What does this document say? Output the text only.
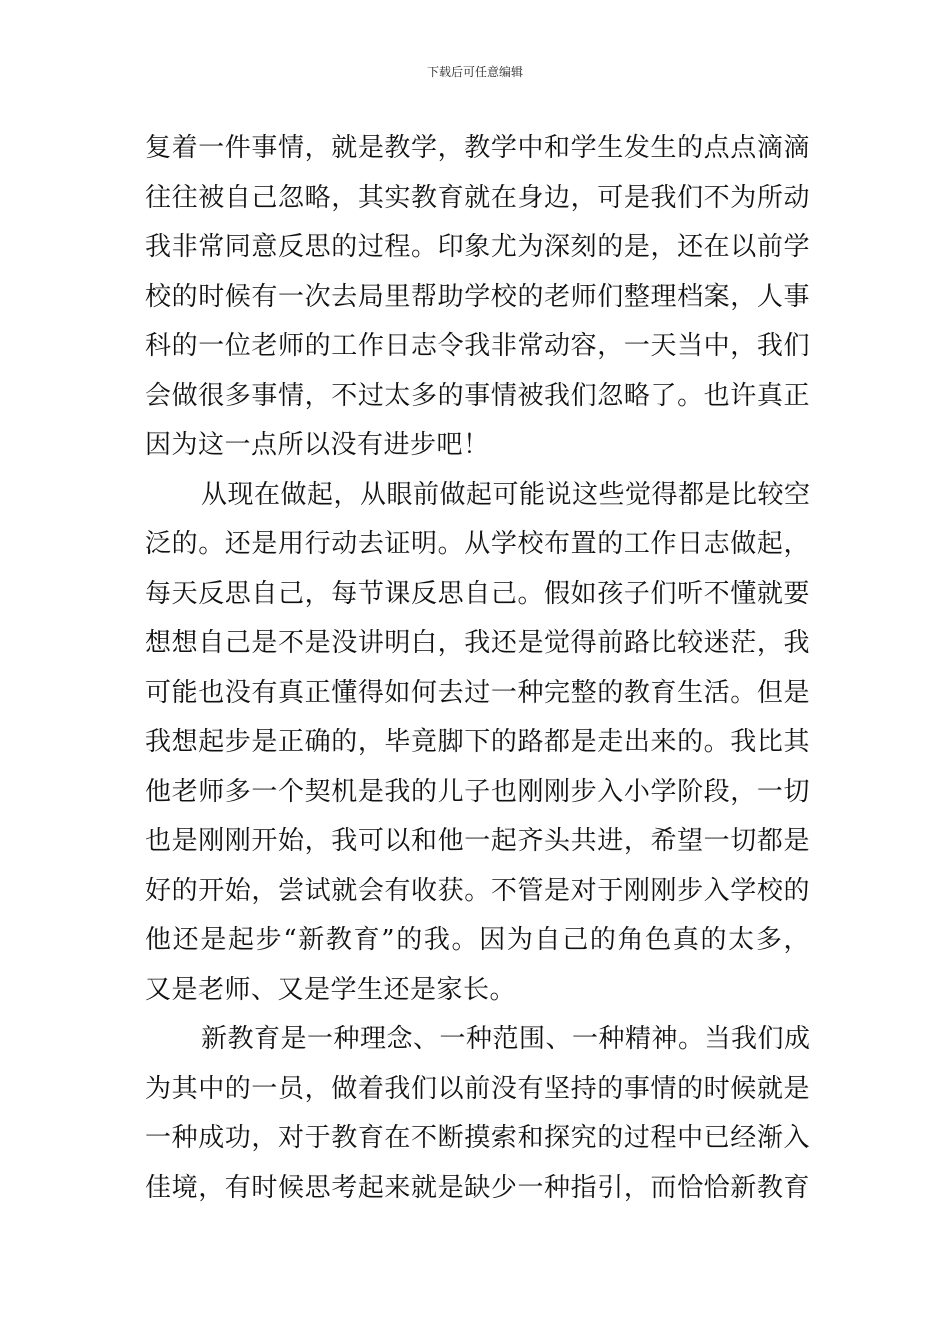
下载后可任意编辑
复着一件事情，就是教学，教学中和学生发生的点点滴滴
往往被自己忽略，其实教育就在身边，可是我们不为所动
我非常同意反思的过程。印象尤为深刻的是，还在以前学
校的时候有一次去局里帮助学校的老师们整理档案，人事
科的一位老师的工作日志令我非常动容，一天当中，我们
会做很多事情，不过太多的事情被我们忽略了。也许真正
因为这一点所以没有进步吧！
从现在做起，从眼前做起可能说这些觉得都是比较空
泛的。还是用行动去证明。从学校布置的工作日志做起，
每天反思自己，每节课反思自己。假如孩子们听不懂就要
想想自己是不是没讲明白，我还是觉得前路比较迷茫，我
可能也没有真正懂得如何去过一种完整的教育生活。但是
我想起步是正确的，毕竟脚下的路都是走出来的。我比其
他老师多一个契机是我的儿子也刚刚步入小学阶段，一切
也是刚刚开始，我可以和他一起齐头共进，希望一切都是
好的开始，尝试就会有收获。不管是对于刚刚步入学校的
他还是起步“新教育”的我。因为自己的角色真的太多，
又是老师、又是学生还是家长。
新教育是一种理念、一种范围、一种精神。当我们成
为其中的一员，做着我们以前没有坚持的事情的时候就是
一种成功，对于教育在不断摸索和探究的过程中已经渐入
佳境，有时候思考起来就是缺少一种指引，而恰恰新教育
